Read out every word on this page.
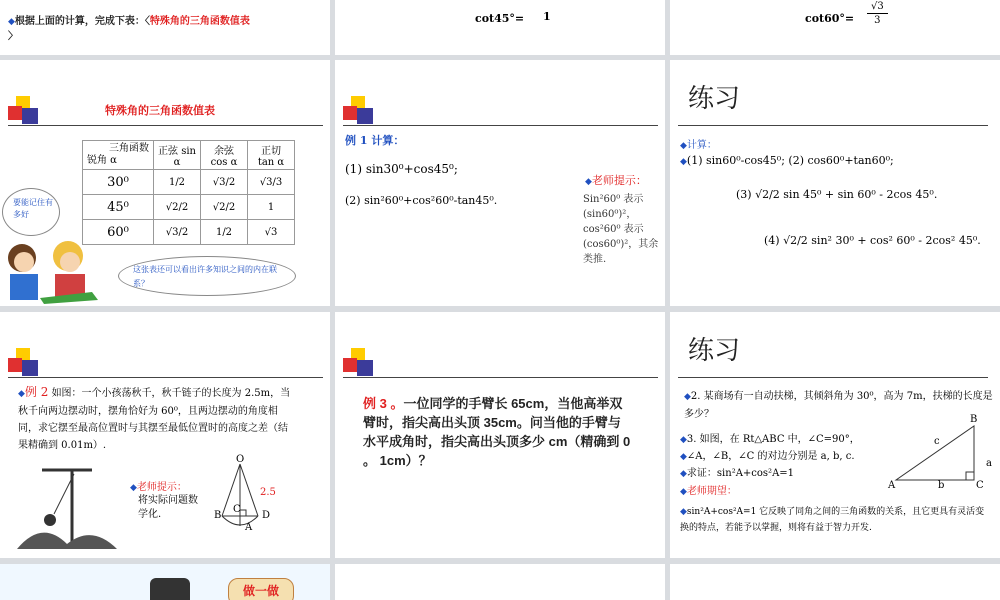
◆根据上面的计算，完成下表：〈特殊角的三角函数值表
〉
cot45°= 1	cot60°=
√3
3
特殊角的三角函数值表
三角函数
锐角 α	正弦 sin α	余弦 cos α	正切 tan α
30⁰	1/2	√3/2	√3/3
45⁰	√2/2	√2/2	1
60⁰	√3/2	1/2	√3
要能记住有多好
这张表还可以看出许多知识之间的内在联系？
例 1 计算：
(1) sin30⁰+cos45⁰;
(2) sin²60⁰+cos²60⁰-tan45⁰.
◆老师提示：
Sin²60⁰ 表示 (sin60⁰)²，cos²60⁰ 表示 (cos60⁰)²，其余类推.
练习
◆计算：
◆(1) sin60⁰-cos45⁰; (2) cos60⁰+tan60⁰;
(3) √2/2 sin 45⁰ + sin 60⁰ - 2cos 45⁰.
(4) √2/2 sin² 30⁰ + cos² 60⁰ - 2cos² 45⁰.
◆例 2 如图：一个小孩荡秋千，秋千链子的长度为 2.5m，当秋千向两边摆动时，摆角恰好为 60⁰，且两边摆动的角度相同，求它摆至最高位置时与其摆至最低位置时的高度之差（结果精确到 0.01m）.
◆老师提示：
将实际问题数学化.
O
2.5
B
C
D
A
例 3 。一位同学的手臂长 65cm，当他高举双臂时，指尖高出头顶 35cm。问当他的手臂与水平成角时，指尖高出头顶多少 cm（精确到 0 。 1cm）？
练习
◆2. 某商场有一自动扶梯，其倾斜角为 30⁰，高为 7m，扶梯的长度是多少？
◆3. 如图，在 Rt△ABC 中，∠C=90°，
◆∠A，∠B，∠C 的对边分别是 a, b, c.
◆求证：sin²A+cos²A=1
◆老师期望：
◆sin²A+cos²A=1 它反映了同角之间的三角函数的关系，且它更具有灵活变换的特点，若能予以掌握，则将有益于智力开发.
B
c
a
A	b	C
做一做
